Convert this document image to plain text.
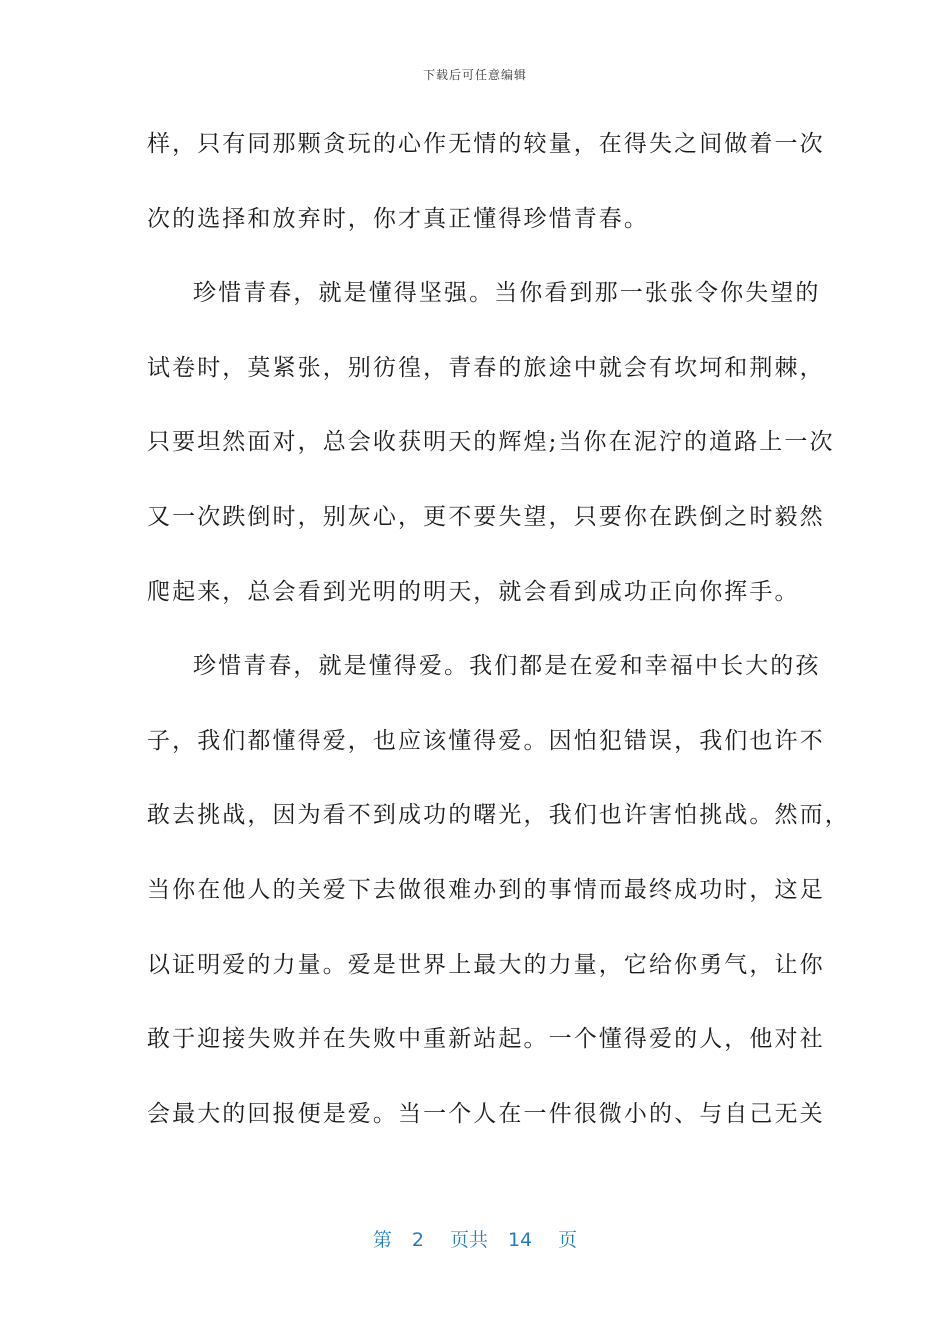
下载后可任意编辑
样，只有同那颗贪玩的心作无情的较量，在得失之间做着一次
次的选择和放弃时，你才真正懂得珍惜青春。
珍惜青春，就是懂得坚强。当你看到那一张张令你失望的
试卷时，莫紧张，别彷徨，青春的旅途中就会有坎坷和荆棘，
只要坦然面对，总会收获明天的辉煌;当你在泥泞的道路上一次
又一次跌倒时，别灰心，更不要失望，只要你在跌倒之时毅然
爬起来，总会看到光明的明天，就会看到成功正向你挥手。
珍惜青春，就是懂得爱。我们都是在爱和幸福中长大的孩
子，我们都懂得爱，也应该懂得爱。因怕犯错误，我们也许不
敢去挑战，因为看不到成功的曙光，我们也许害怕挑战。然而，
当你在他人的关爱下去做很难办到的事情而最终成功时，这足
以证明爱的力量。爱是世界上最大的力量，它给你勇气，让你
敢于迎接失败并在失败中重新站起。一个懂得爱的人，他对社
会最大的回报便是爱。当一个人在一件很微小的、与自己无关
第 2 页共 14 页
